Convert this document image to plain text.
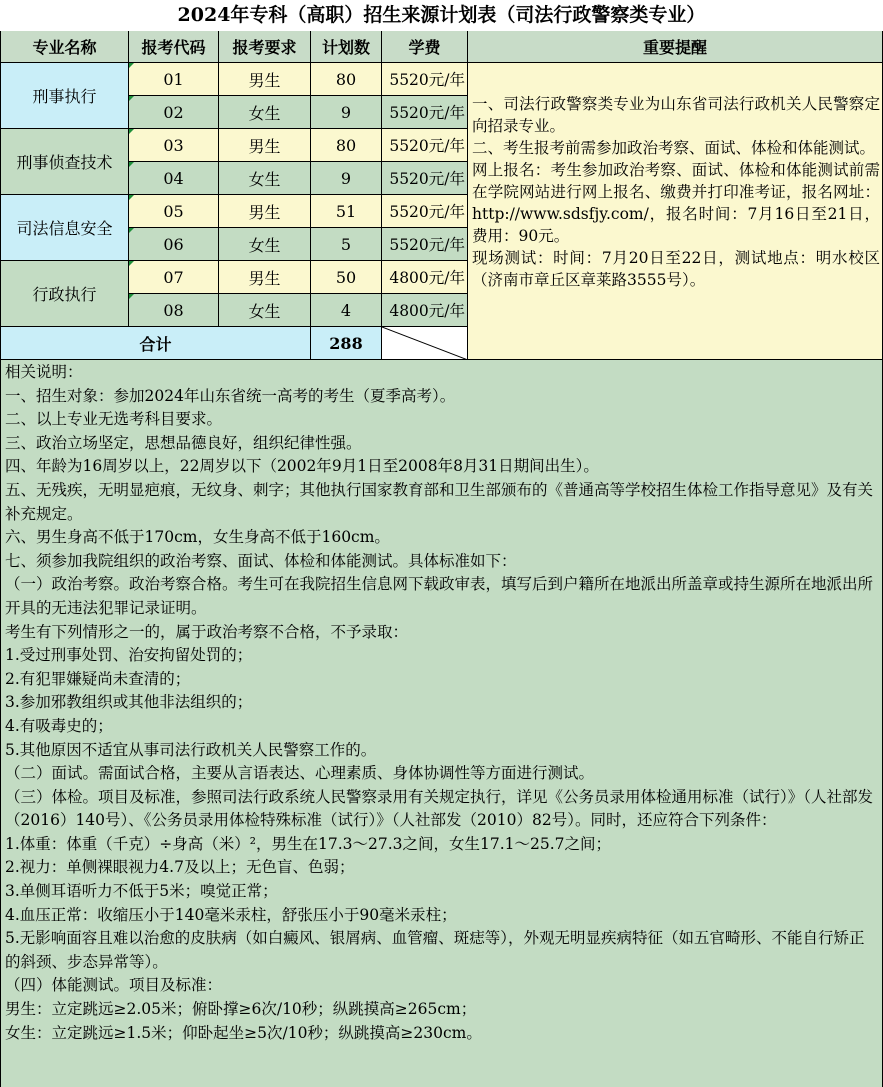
2024年专科（高职）招生来源计划表（司法行政警察类专业）
专业名称	报考代码	报考要求	计划数	学费	重要提醒
刑事执行
01	男生	80	5520元/年
02	女生	9	5520元/年
刑事侦查技术
03	男生	80	5520元/年
04	女生	9	5520元/年
司法信息安全
05	男生	51	5520元/年
06	女生	5	5520元/年
行政执行
07	男生	50	4800元/年
08	女生	4	4800元/年
合计	288

一、司法行政警察类专业为山东省司法行政机关人民警察定向招录专业。

二、考生报考前需参加政治考察、面试、体检和体能测试。

网上报名：考生参加政治考察、面试、体检和体能测试前需在学院网站进行网上报名、缴费并打印准考证，报名网址：http://www.sdsfjy.com/，报名时间：7月16日至21日，费用：90元。

现场测试：时间：7月20日至22日，测试地点：明水校区（济南市章丘区章莱路3555号）。

相关说明：

一、招生对象：参加2024年山东省统一高考的考生（夏季高考）。

二、以上专业无选考科目要求。

三、政治立场坚定，思想品德良好，组织纪律性强。

四、年龄为16周岁以上，22周岁以下（2002年9月1日至2008年8月31日期间出生）。

五、无残疾，无明显疤痕，无纹身、刺字；其他执行国家教育部和卫生部颁布的《普通高等学校招生体检工作指导意见》及有关补充规定。

六、男生身高不低于170cm，女生身高不低于160cm。

七、须参加我院组织的政治考察、面试、体检和体能测试。具体标准如下：

（一）政治考察。政治考察合格。考生可在我院招生信息网下载政审表，填写后到户籍所在地派出所盖章或持生源所在地派出所开具的无违法犯罪记录证明。

考生有下列情形之一的，属于政治考察不合格，不予录取：

1.受过刑事处罚、治安拘留处罚的；

2.有犯罪嫌疑尚未查清的；

3.参加邪教组织或其他非法组织的；

4.有吸毒史的；

5.其他原因不适宜从事司法行政机关人民警察工作的。

（二）面试。需面试合格，主要从言语表达、心理素质、身体协调性等方面进行测试。

（三）体检。项目及标准，参照司法行政系统人民警察录用有关规定执行，详见《公务员录用体检通用标准（试行）》（人社部发（2016）140号）、《公务员录用体检特殊标准（试行）》（人社部发（2010）82号）。同时，还应符合下列条件：

1.体重：体重（千克）÷身高（米）²，男生在17.3～27.3之间，女生17.1～25.7之间；

2.视力：单侧裸眼视力4.7及以上；无色盲、色弱；

3.单侧耳语听力不低于5米；嗅觉正常；

4.血压正常：收缩压小于140毫米汞柱，舒张压小于90毫米汞柱；

5.无影响面容且难以治愈的皮肤病（如白癜风、银屑病、血管瘤、斑痣等），外观无明显疾病特征（如五官畸形、不能自行矫正的斜颈、步态异常等）。

（四）体能测试。项目及标准：

男生：立定跳远≥2.05米；俯卧撑≥6次/10秒；纵跳摸高≥265cm；

女生：立定跳远≥1.5米；仰卧起坐≥5次/10秒；纵跳摸高≥230cm。
